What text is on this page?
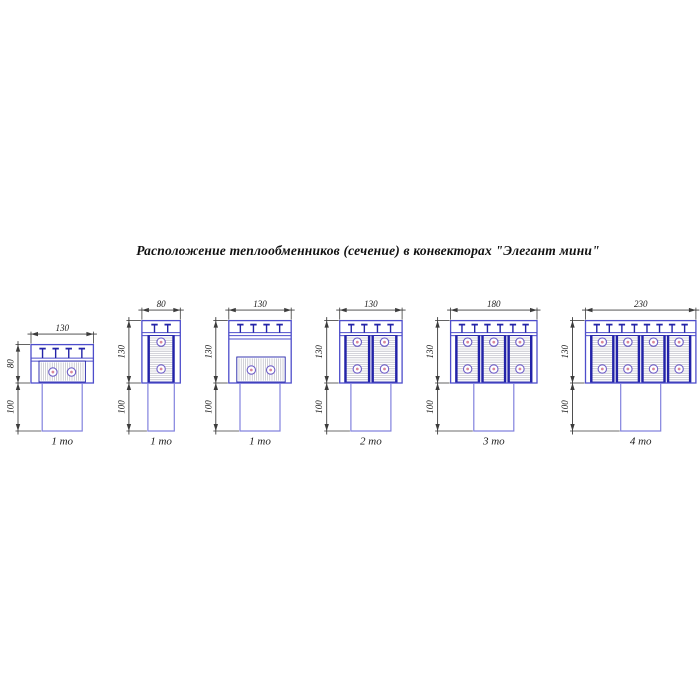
Расположение теплообменников (сечение) в конвекторах "Элегант мини"
130
80
100
1 то
80
130
100
1 то
130
130
100
1 то
130
130
100
2 то
180
130
100
3 то
230
130
100
4 то
